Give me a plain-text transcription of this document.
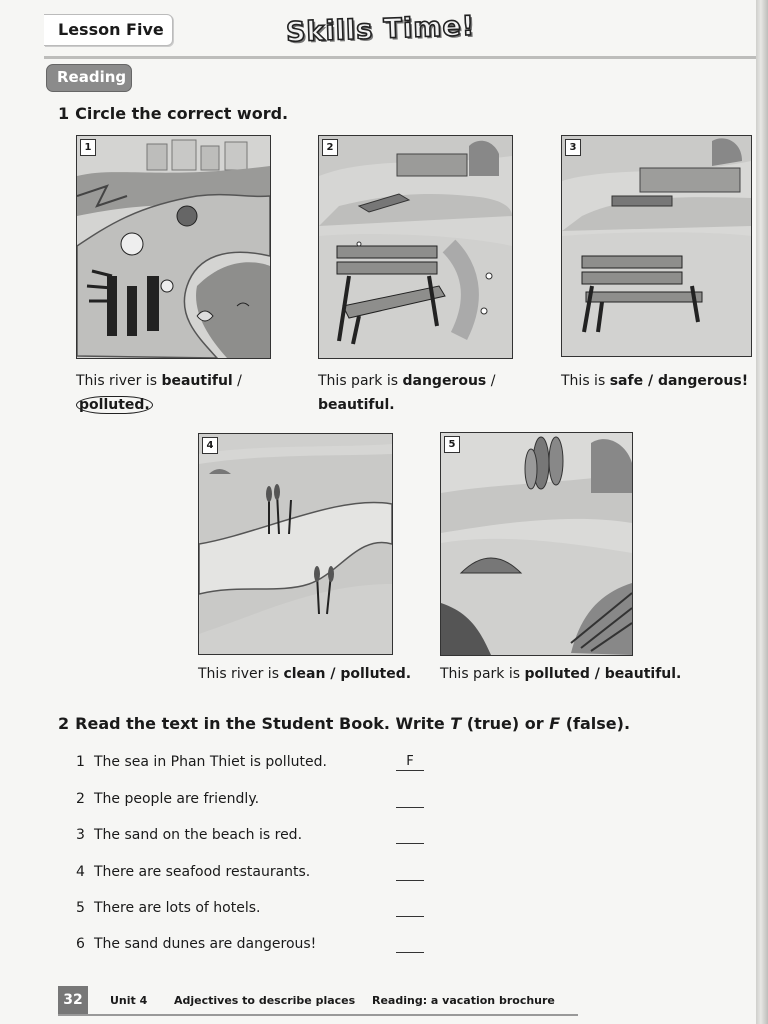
Lesson Five	Skills Time!
Reading
1 Circle the correct word.
1
This river is beautiful /
polluted.
2
This park is dangerous /
beautiful.
3
This is safe / dangerous!
4
This river is clean / polluted.
5
This park is polluted / beautiful.
2 Read the text in the Student Book. Write T (true) or F (false).
1 The sea in Phan Thiet is polluted.	F
2 The people are friendly.
3 The sand on the beach is red.
4 There are seafood restaurants.
5 There are lots of hotels.
6 The sand dunes are dangerous!
32	Unit 4 Adjectives to describe places Reading: a vacation brochure
